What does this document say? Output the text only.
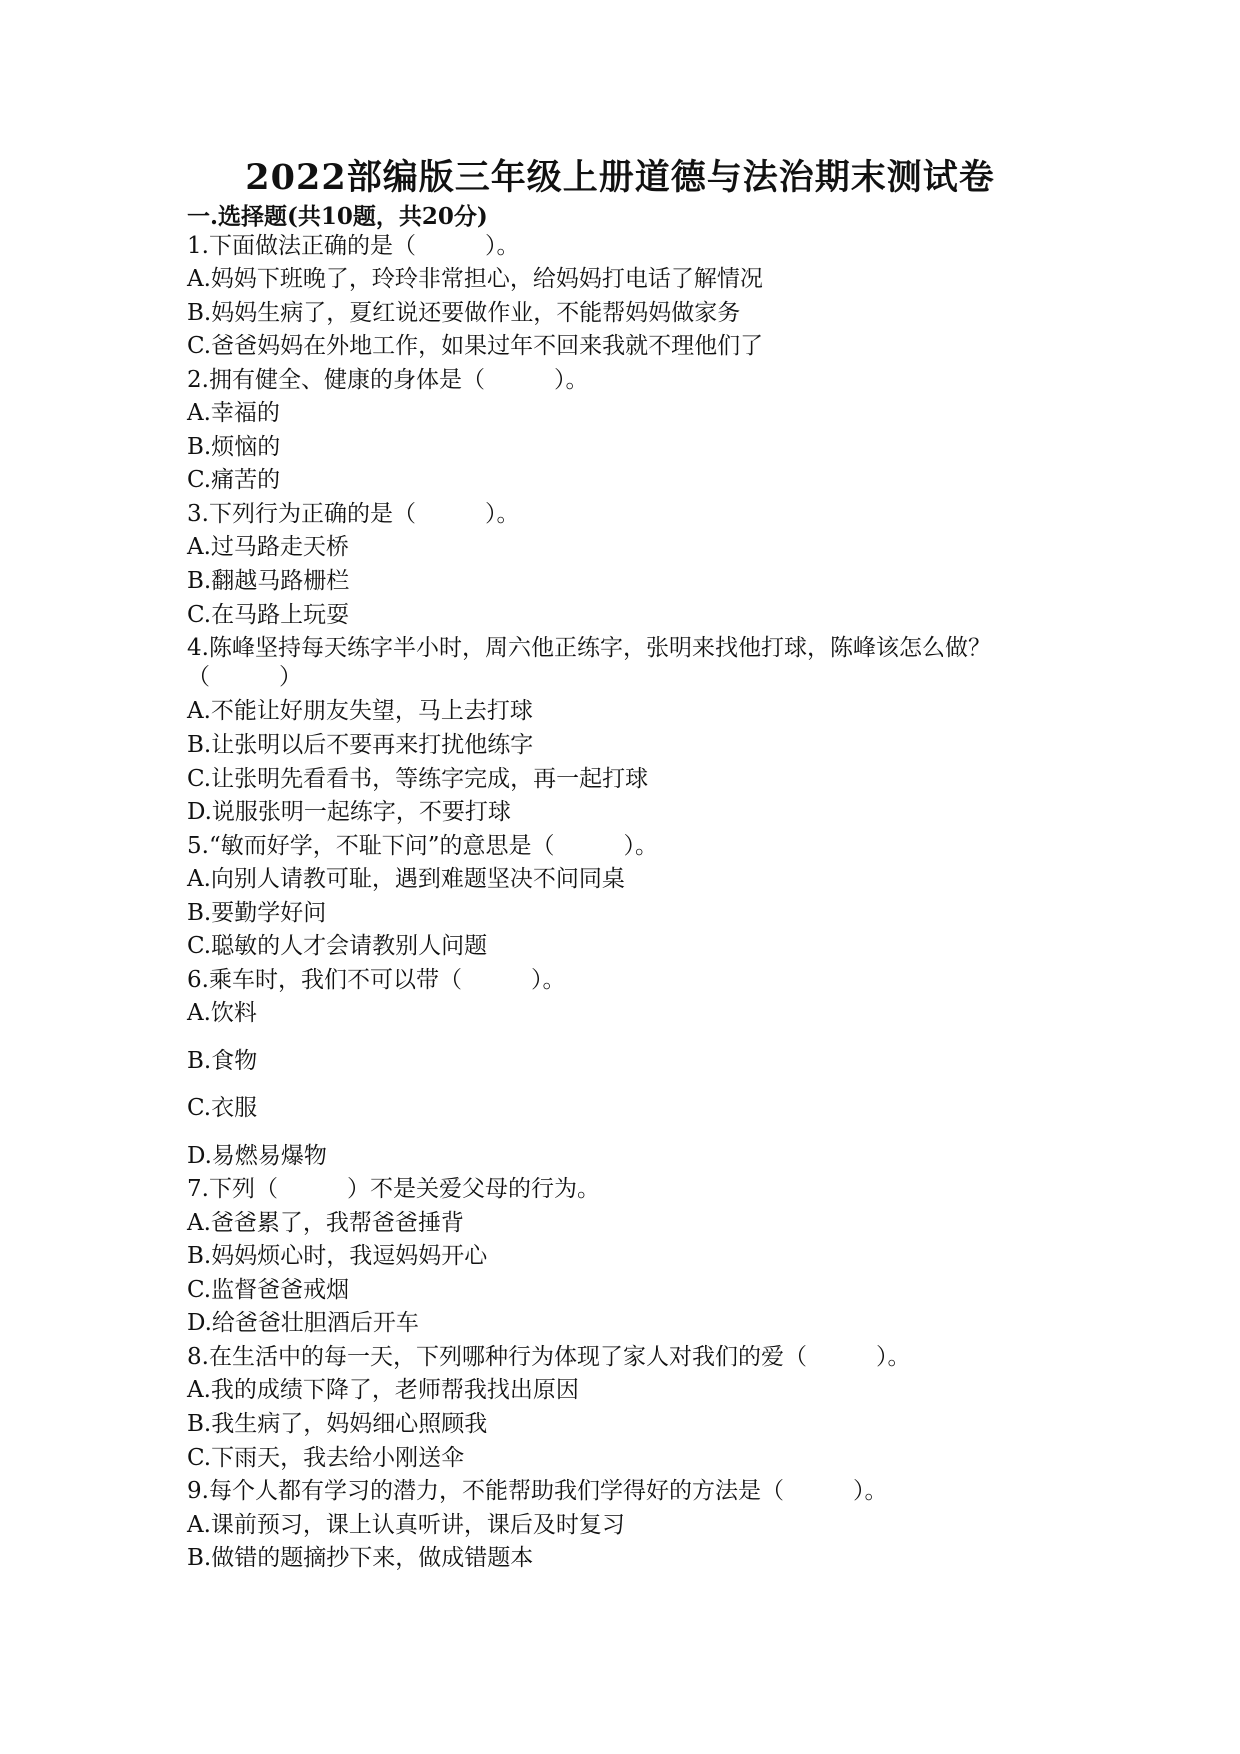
2022部编版三年级上册道德与法治期末测试卷
一.选择题(共10题，共20分)
1.下面做法正确的是（　　　）。
A.妈妈下班晚了，玲玲非常担心，给妈妈打电话了解情况
B.妈妈生病了，夏红说还要做作业，不能帮妈妈做家务
C.爸爸妈妈在外地工作，如果过年不回来我就不理他们了
2.拥有健全、健康的身体是（　　　）。
A.幸福的
B.烦恼的
C.痛苦的
3.下列行为正确的是（　　　）。
A.过马路走天桥
B.翻越马路栅栏
C.在马路上玩耍
4.陈峰坚持每天练字半小时，周六他正练字，张明来找他打球，陈峰该怎么做？
（　　　）
A.不能让好朋友失望，马上去打球
B.让张明以后不要再来打扰他练字
C.让张明先看看书，等练字完成，再一起打球
D.说服张明一起练字，不要打球
5.“敏而好学，不耻下问”的意思是（　　　）。
A.向别人请教可耻，遇到难题坚决不问同桌
B.要勤学好问
C.聪敏的人才会请教别人问题
6.乘车时，我们不可以带（　　　）。
A.饮料
B.食物
C.衣服
D.易燃易爆物
7.下列（　　　）不是关爱父母的行为。
A.爸爸累了，我帮爸爸捶背
B.妈妈烦心时，我逗妈妈开心
C.监督爸爸戒烟
D.给爸爸壮胆酒后开车
8.在生活中的每一天，下列哪种行为体现了家人对我们的爱（　　　）。
A.我的成绩下降了，老师帮我找出原因
B.我生病了，妈妈细心照顾我
C.下雨天，我去给小刚送伞
9.每个人都有学习的潜力，不能帮助我们学得好的方法是（　　　）。
A.课前预习，课上认真听讲，课后及时复习
B.做错的题摘抄下来，做成错题本
